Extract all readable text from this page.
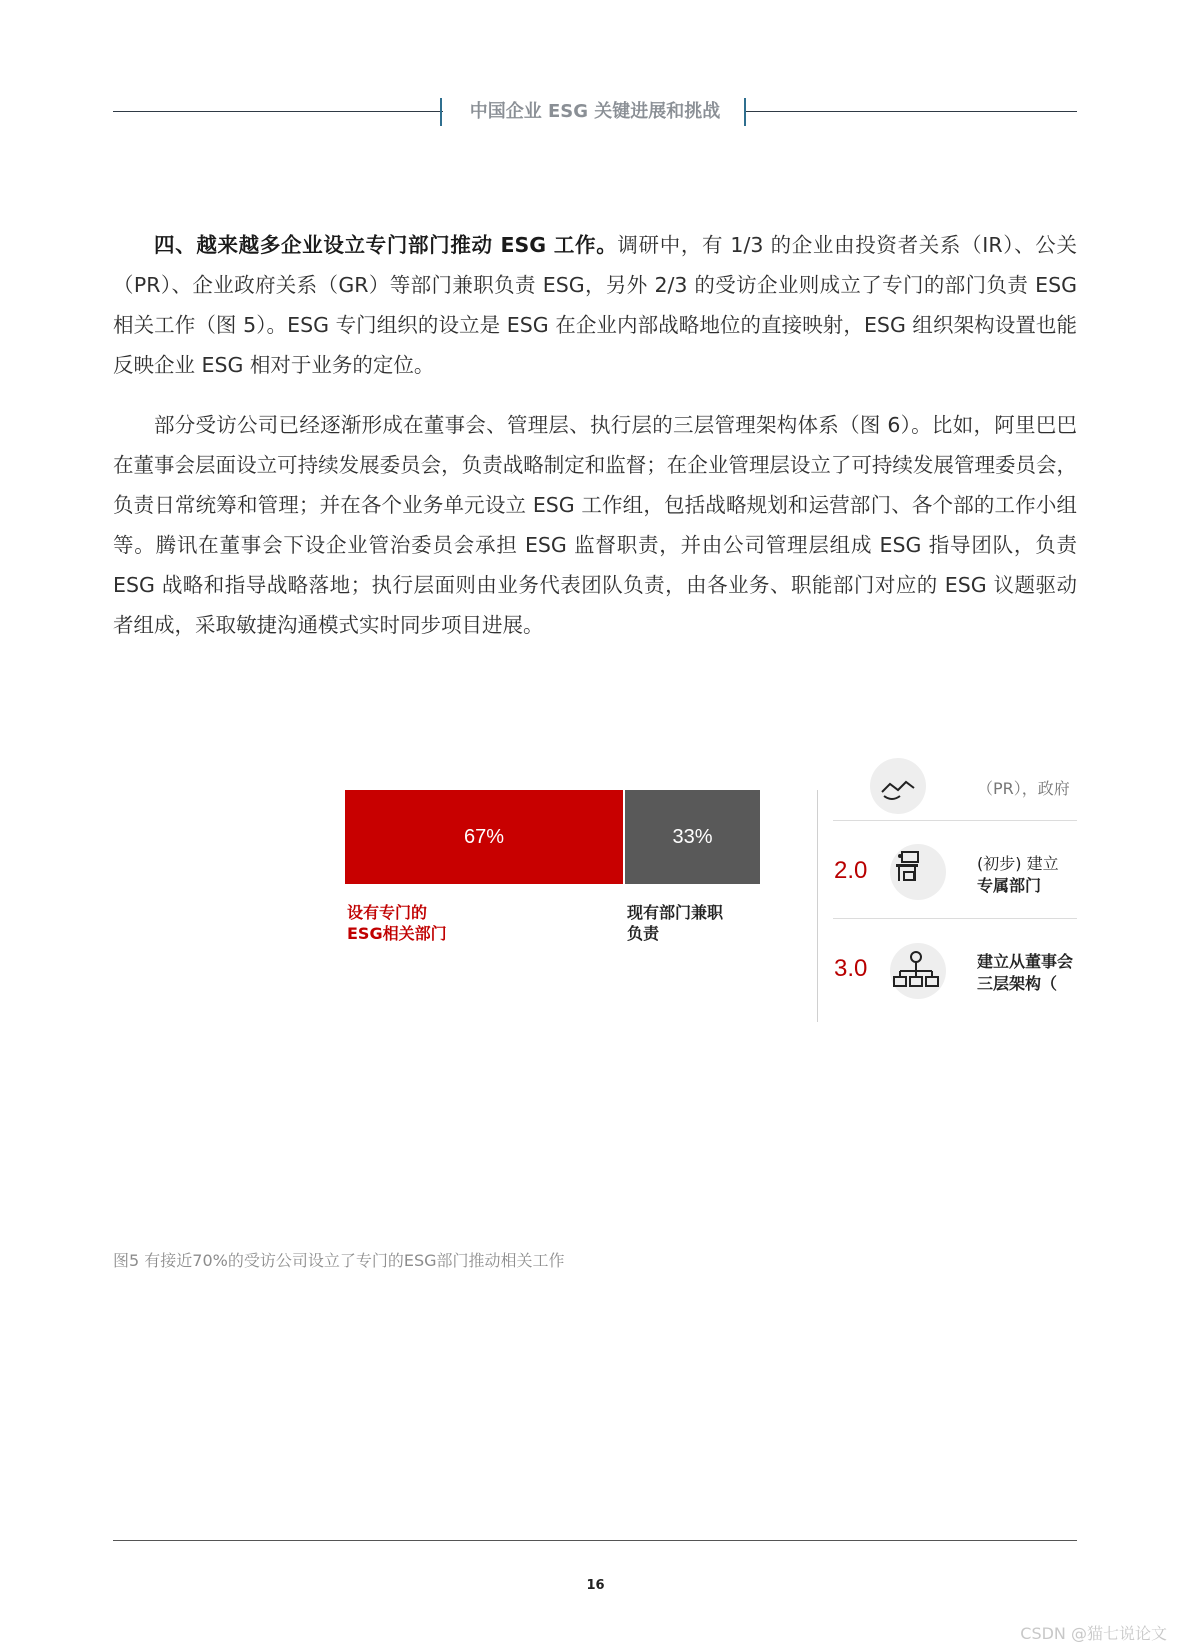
中国企业 ESG 关键进展和挑战

四、越来越多企业设立专门部门推动 ESG 工作。调研中，有 1/3 的企业由投资者关系（IR）、公关（PR）、企业政府关系（GR）等部门兼职负责 ESG，另外 2/3 的受访企业则成立了专门的部门负责 ESG 相关工作（图 5）。ESG 专门组织的设立是 ESG 在企业内部战略地位的直接映射，ESG 组织架构设置也能反映企业 ESG 相对于业务的定位。

部分受访公司已经逐渐形成在董事会、管理层、执行层的三层管理架构体系（图 6）。比如，阿里巴巴在董事会层面设立可持续发展委员会，负责战略制定和监督；在企业管理层设立了可持续发展管理委员会，负责日常统筹和管理；并在各个业务单元设立 ESG 工作组，包括战略规划和运营部门、各个部的工作小组等。腾讯在董事会下设企业管治委员会承担 ESG 监督职责，并由公司管理层组成 ESG 指导团队，负责 ESG 战略和指导战略落地；执行层面则由业务代表团队负责，由各业务、职能部门对应的 ESG 议题驱动者组成，采取敏捷沟通模式实时同步项目进展。

67%	33%
设有专门的
ESG相关部门
现有部门兼职
负责
（PR），政府
2.0	(初步) 建立
专属部门
3.0	建立从董事会
三层架构（
图5 有接近70%的受访公司设立了专门的ESG部门推动相关工作
16
CSDN @猫七说论文
